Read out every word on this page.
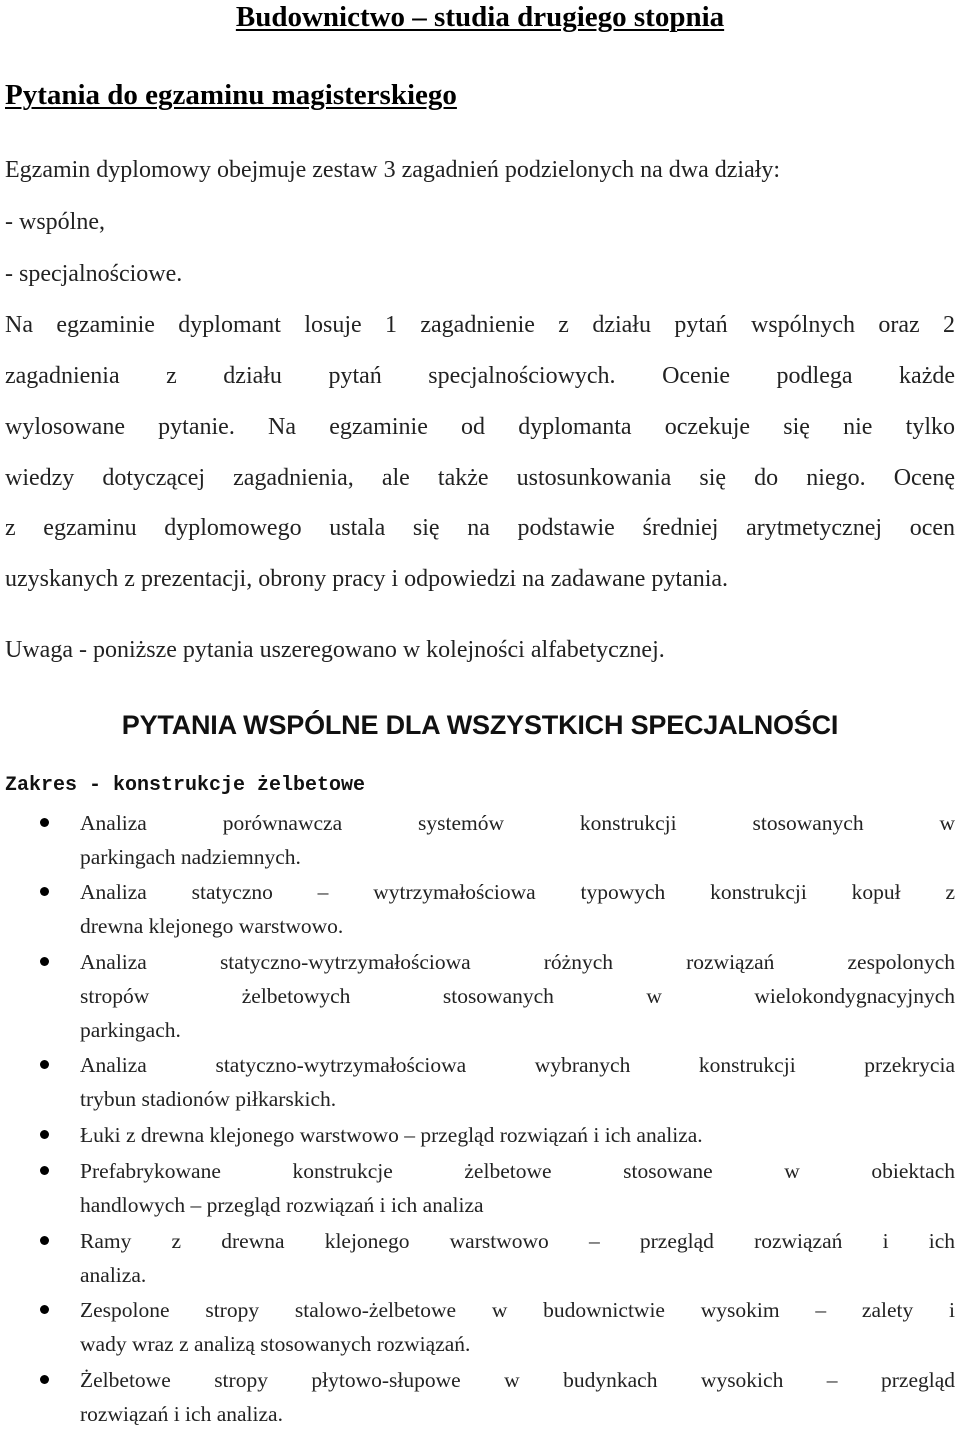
Budownictwo – studia drugiego stopnia
Pytania do egzaminu magisterskiego

Egzamin dyplomowy obejmuje zestaw 3 zagadnień podzielonych na dwa działy:

- wspólne,

- specjalnościowe.

Na egzaminie dyplomant losuje 1 zagadnienie z działu pytań wspólnych oraz 2

zagadnienia z działu pytań specjalnościowych. Ocenie podlega każde

wylosowane pytanie. Na egzaminie od dyplomanta oczekuje się nie tylko

wiedzy dotyczącej zagadnienia, ale także ustosunkowania się do niego. Ocenę

z egzaminu dyplomowego ustala się na podstawie średniej arytmetycznej ocen

uzyskanych z prezentacji, obrony pracy i odpowiedzi na zadawane pytania.

Uwaga - poniższe pytania uszeregowano w kolejności alfabetycznej.

PYTANIA WSPÓLNE DLA WSZYSTKICH SPECJALNOŚCI
Zakres - konstrukcje żelbetowe
Analiza porównawcza systemów konstrukcji stosowanych w
parkingach nadziemnych.
Analiza statyczno – wytrzymałościowa typowych konstrukcji kopuł z
drewna klejonego warstwowo.
Analiza statyczno-wytrzymałościowa różnych rozwiązań zespolonych
stropów żelbetowych stosowanych w wielokondygnacyjnych
parkingach.
Analiza statyczno-wytrzymałościowa wybranych konstrukcji przekrycia
trybun stadionów piłkarskich.
Łuki z drewna klejonego warstwowo – przegląd rozwiązań i ich analiza.
Prefabrykowane konstrukcje żelbetowe stosowane w obiektach
handlowych – przegląd rozwiązań i ich analiza
Ramy z drewna klejonego warstwowo – przegląd rozwiązań i ich
analiza.
Zespolone stropy stalowo-żelbetowe w budownictwie wysokim – zalety i
wady wraz z analizą stosowanych rozwiązań.
Żelbetowe stropy płytowo-słupowe w budynkach wysokich – przegląd
rozwiązań i ich analiza.
